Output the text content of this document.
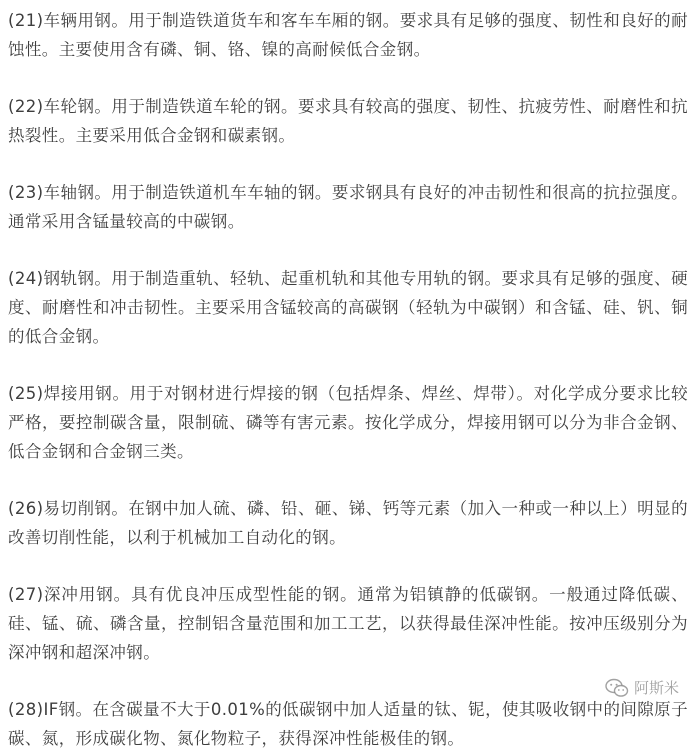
(21)车辆用钢。用于制造铁道货车和客车车厢的钢。要求具有足够的强度、韧性和良好的耐蚀性。主要使用含有磷、铜、铬、镍的高耐候低合金钢。

(22)车轮钢。用于制造铁道车轮的钢。要求具有较高的强度、韧性、抗疲劳性、耐磨性和抗热裂性。主要采用低合金钢和碳素钢。

(23)车轴钢。用于制造铁道机车车轴的钢。要求钢具有良好的冲击韧性和很高的抗拉强度。通常采用含锰量较高的中碳钢。

(24)钢轨钢。用于制造重轨、轻轨、起重机轨和其他专用轨的钢。要求具有足够的强度、硬度、耐磨性和冲击韧性。主要采用含锰较高的高碳钢（轻轨为中碳钢）和含锰、硅、钒、铜的低合金钢。

(25)焊接用钢。用于对钢材进行焊接的钢（包括焊条、焊丝、焊带）。对化学成分要求比较严格，要控制碳含量，限制硫、磷等有害元素。按化学成分，焊接用钢可以分为非合金钢、低合金钢和合金钢三类。

(26)易切削钢。在钢中加人硫、磷、铅、砸、锑、钙等元素（加入一种或一种以上）明显的改善切削性能，以利于机械加工自动化的钢。

(27)深冲用钢。具有优良冲压成型性能的钢。通常为铝镇静的低碳钢。一般通过降低碳、硅、锰、硫、磷含量，控制铝含量范围和加工工艺，以获得最佳深冲性能。按冲压级别分为深冲钢和超深冲钢。

(28)IF钢。在含碳量不大于0.01%的低碳钢中加人适量的钛、铌，使其吸收钢中的间隙原子碳、氮，形成碳化物、氮化物粒子，获得深冲性能极佳的钢。

阿斯米
